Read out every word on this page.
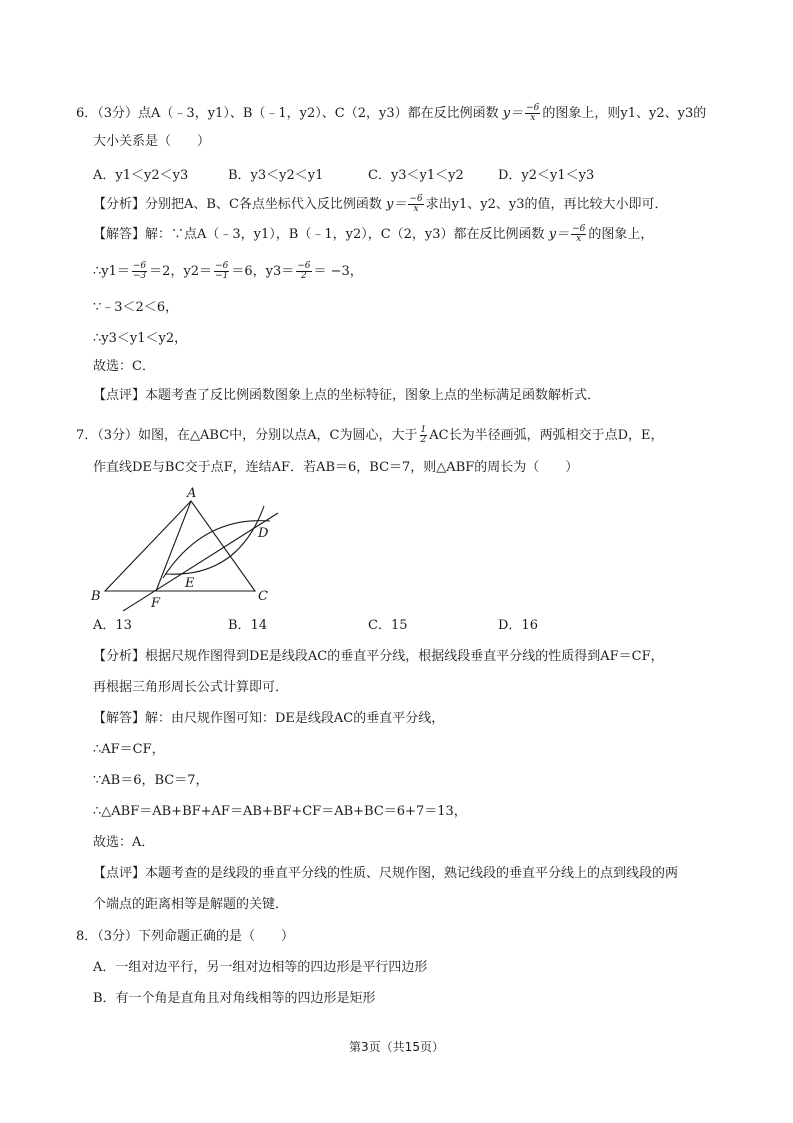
6．（3分）点A（﹣3，y1）、B（﹣1，y2）、C（2，y3）都在反比例函数 $y= \frac{-6}{x}$ 的图象上，则y1、y2、y3的
大小关系是（　　）
A．y1＜y2＜y3	B．y3＜y2＜y1	C．y3＜y1＜y2	D．y2＜y1＜y3
【分析】分别把A、B、C各点坐标代入反比例函数 $y= \frac{-6}{x}$ 求出y1、y2、y3的值，再比较大小即可．
【解答】解：∵点A（﹣3，y1），B（﹣1，y2），C（2，y3）都在反比例函数 $y= \frac{-6}{x}$ 的图象上，
∴y1＝ $\frac{-6}{-3} =2$，$y2= \frac{-6}{-1} =6$，$y3= \frac{-6}{2} = -3$，
∵﹣3＜2＜6，
∴y3＜y1＜y2，
故选：C．
【点评】本题考查了反比例函数图象上点的坐标特征，图象上点的坐标满足函数解析式．
7．（3分）如图，在△ABC中，分别以点A，C为圆心，大于 $\frac{1}{2}$ AC长为半径画弧，两弧相交于点D，E，
作直线DE与BC交于点F，连结AF．若AB＝6，BC＝7，则△ABF的周长为（　　）
A
B	C
D
E
F
A．13	B．14	C．15	D．16
【分析】根据尺规作图得到DE是线段AC的垂直平分线，根据线段垂直平分线的性质得到AF＝CF，
再根据三角形周长公式计算即可．
【解答】解：由尺规作图可知：DE是线段AC的垂直平分线，
∴AF＝CF，
∵AB＝6，BC＝7，
∴△ABF＝AB+BF+AF＝AB+BF+CF＝AB+BC＝6+7＝13，
故选：A．
【点评】本题考查的是线段的垂直平分线的性质、尺规作图，熟记线段的垂直平分线上的点到线段的两
个端点的距离相等是解题的关键．
8．（3分）下列命题正确的是（　　）
A．一组对边平行，另一组对边相等的四边形是平行四边形
B．有一个角是直角且对角线相等的四边形是矩形
第3页（共15页）
